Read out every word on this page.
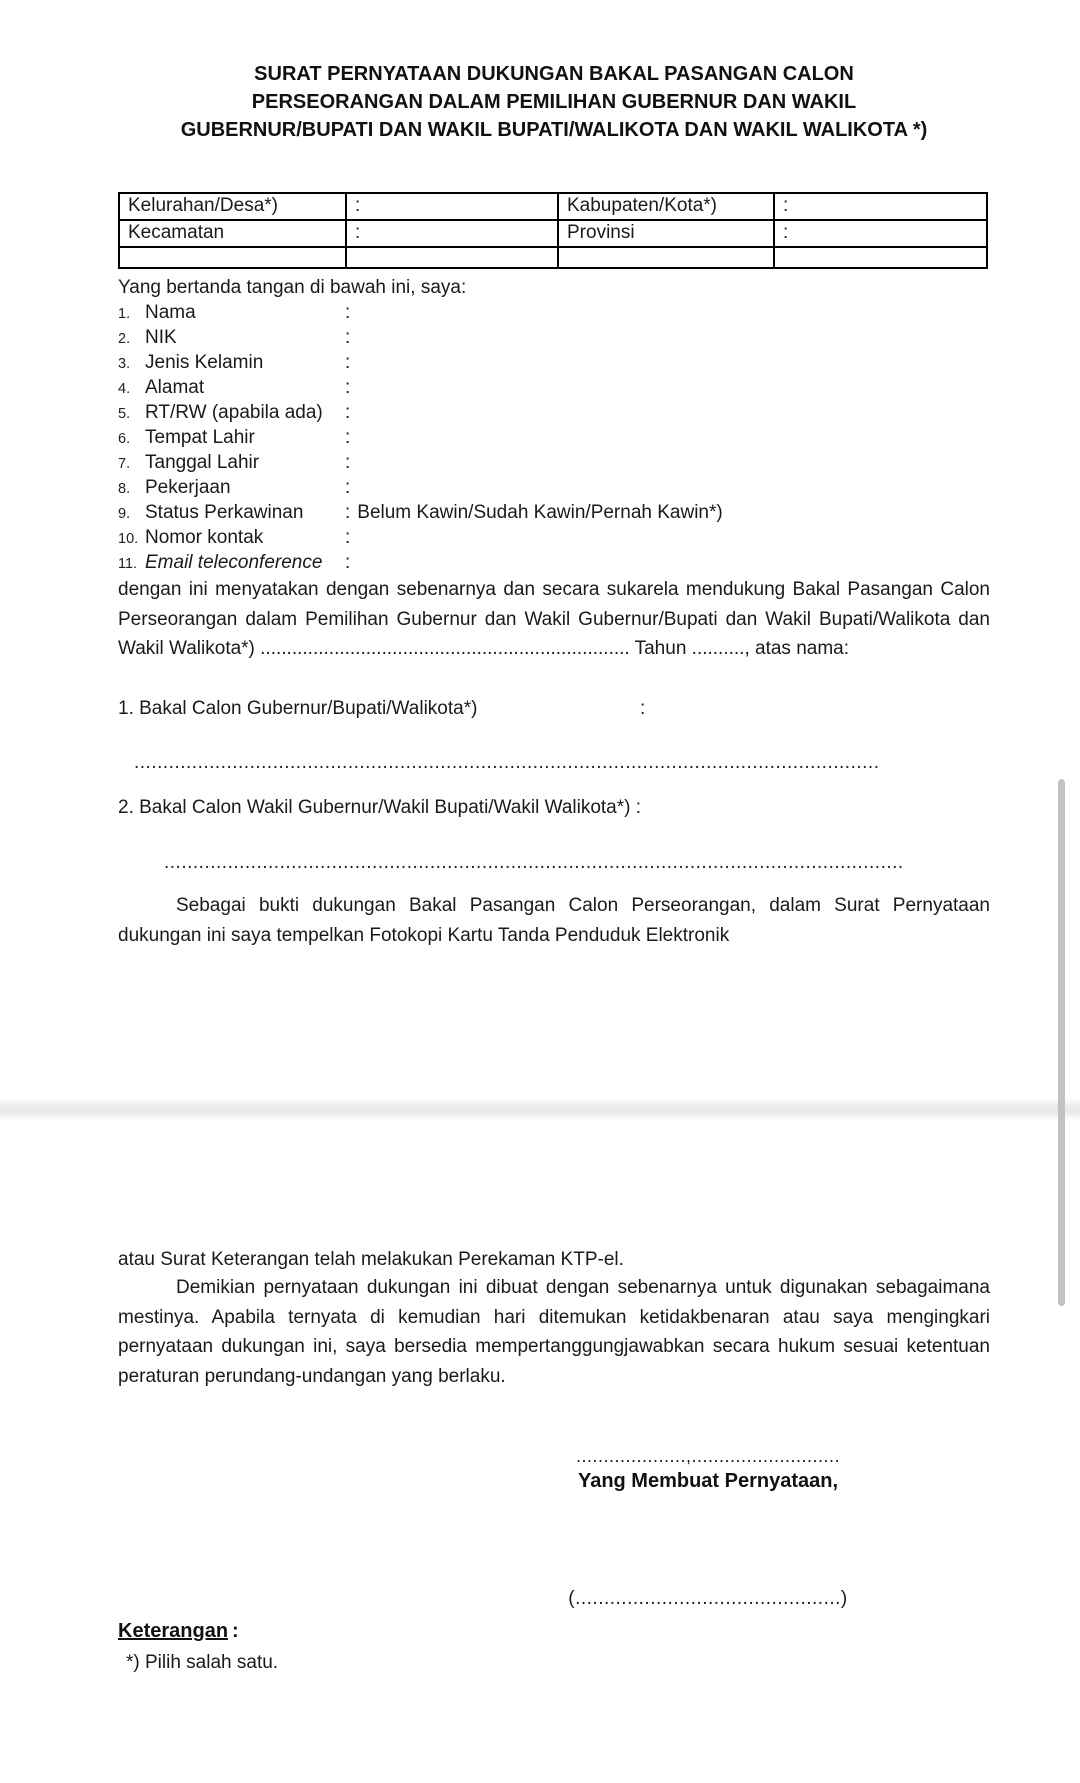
SURAT PERNYATAAN DUKUNGAN BAKAL PASANGAN CALON
PERSEORANGAN DALAM PEMILIHAN GUBERNUR DAN WAKIL
GUBERNUR/BUPATI DAN WAKIL BUPATI/WALIKOTA DAN WAKIL WALIKOTA *)
Kelurahan/Desa*)	:	Kabupaten/Kota*)	:
Kecamatan	:	Provinsi	:

Yang bertanda tangan di bawah ini, saya:
1. Nama	:
2. NIK	:
3. Jenis Kelamin	:
4. Alamat	:
5. RT/RW (apabila ada)	:
6. Tempat Lahir	:
7. Tanggal Lahir	:
8. Pekerjaan	:
9. Status Perkawinan	: Belum Kawin/Sudah Kawin/Pernah Kawin*)
10. Nomor kontak	:
11. Email teleconference	:
dengan ini menyatakan dengan sebenarnya dan secara sukarela mendukung Bakal Pasangan Calon Perseorangan dalam Pemilihan Gubernur dan Wakil Gubernur/Bupati dan Wakil Bupati/Walikota dan Wakil Walikota*) ...................................................................... Tahun .........., atas nama:
1. Bakal Calon Gubernur/Bupati/Walikota*)	:
.................................................................................................................................
2. Bakal Calon Wakil Gubernur/Wakil Bupati/Wakil Walikota*) :
................................................................................................................................
Sebagai bukti dukungan Bakal Pasangan Calon Perseorangan, dalam Surat Pernyataan dukungan ini saya tempelkan Fotokopi Kartu Tanda Penduduk Elektronik
atau Surat Keterangan telah melakukan Perekaman KTP-el.
Demikian pernyataan dukungan ini dibuat dengan sebenarnya untuk digunakan sebagaimana mestinya. Apabila ternyata di kemudian hari ditemukan ketidakbenaran atau saya mengingkari pernyataan dukungan ini, saya bersedia mempertanggungjawabkan secara hukum sesuai ketentuan peraturan perundang-undangan yang berlaku.
....................,...........................
Yang Membuat Pernyataan,
(..............................................)
Keterangan :
*) Pilih salah satu.
